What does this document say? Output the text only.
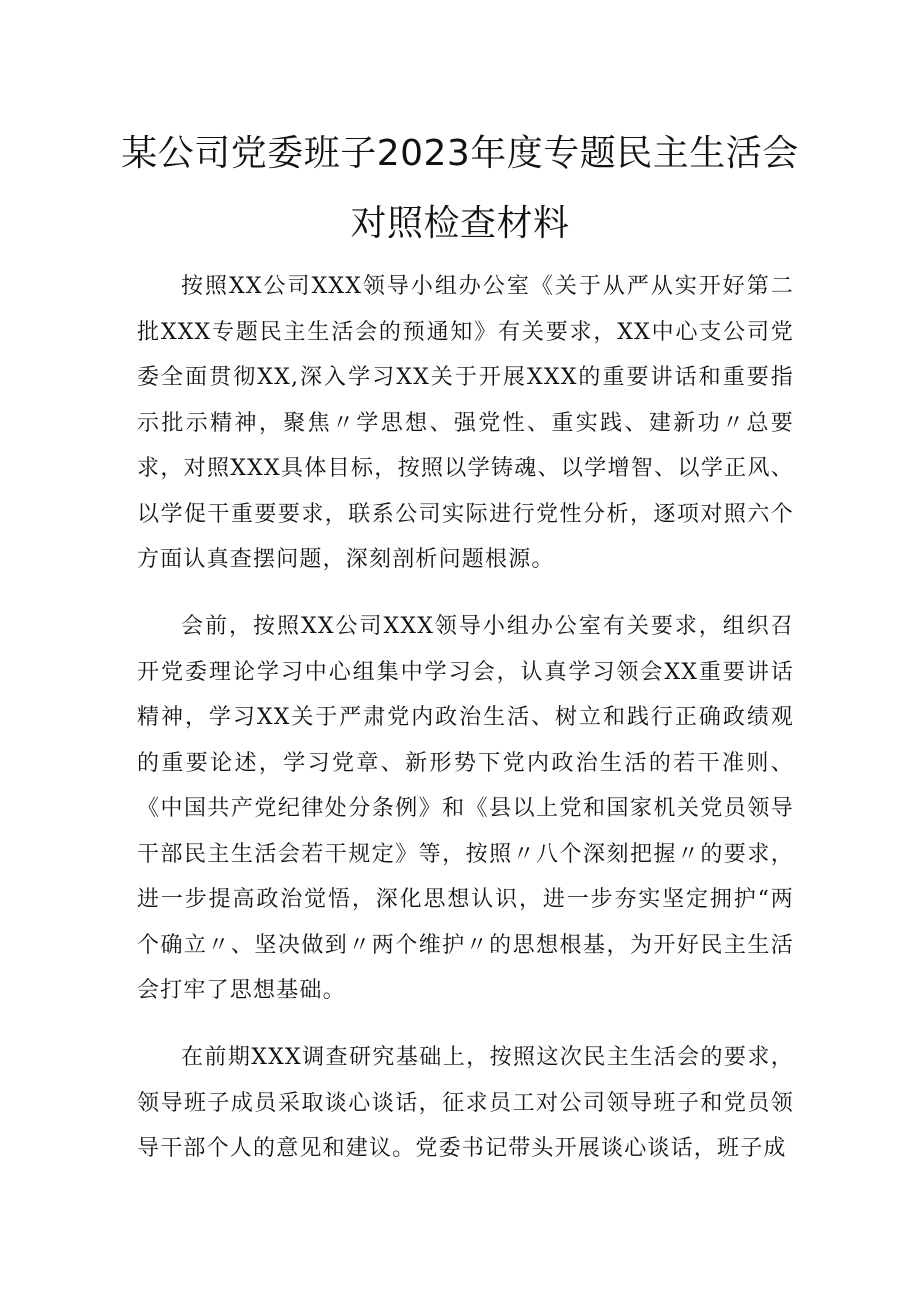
某公司党委班子2023年度专题民主生活会
对照检查材料
按照XX公司XXX领导小组办公室《关于从严从实开好第二批XXX专题民主生活会的预通知》有关要求，XX中心支公司党委全面贯彻XX,深入学习XX关于开展XXX的重要讲话和重要指示批示精神，聚焦〃学思想、强党性、重实践、建新功〃总要求，对照XXX具体目标，按照以学铸魂、以学增智、以学正风、以学促干重要要求，联系公司实际进行党性分析，逐项对照六个方面认真查摆问题，深刻剖析问题根源。
会前，按照XX公司XXX领导小组办公室有关要求，组织召开党委理论学习中心组集中学习会，认真学习领会XX重要讲话精神，学习XX关于严肃党内政治生活、树立和践行正确政绩观的重要论述，学习党章、新形势下党内政治生活的若干准则、《中国共产党纪律处分条例》和《县以上党和国家机关党员领导干部民主生活会若干规定》等，按照〃八个深刻把握〃的要求，进一步提高政治觉悟，深化思想认识，进一步夯实坚定拥护“两个确立〃、坚决做到〃两个维护〃的思想根基，为开好民主生活会打牢了思想基础。
在前期XXX调查研究基础上，按照这次民主生活会的要求，领导班子成员采取谈心谈话，征求员工对公司领导班子和党员领导干部个人的意见和建议。党委书记带头开展谈心谈话，班子成
